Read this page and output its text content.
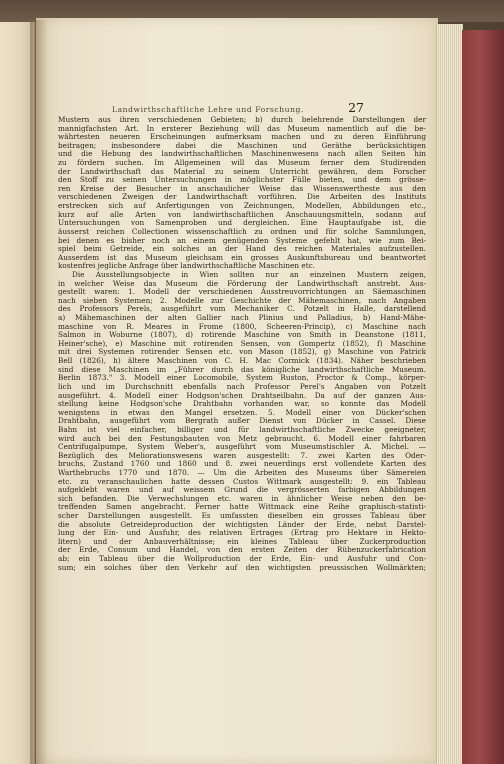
Landwirthschaftliche Lehre und Forschung.	27
Mustern aus ihren verschiedenen Gebieten; b) durch belehrende Darstellungen der
mannigfachsten Art. In ersterer Beziehung will das Museum namentlich auf die be-
währtesten neueren Erscheinungen aufmerksam machen und zu deren Einführung
beitragen; insbesondere dabei die Maschinen und Geräthe berücksichtigen
und die Hebung des landwirthschaftlichen Maschinenwesens nach allen Seiten hin
zu fördern suchen. Im Allgemeinen will das Museum ferner dem Studirenden
der Landwirthschaft das Material zu seinem Unterricht gewähren, dem Forscher
den Stoff zu seinen Untersuchungen in möglichster Fülle bieten, und dem grösse-
ren Kreise der Besucher in anschaulicher Weise das Wissenswertheste aus den
verschiedenen Zweigen der Landwirthschaft vorführen. Die Arbeiten des Instituts
erstrecken sich auf Anfertigungen von Zeichnungen, Modellen, Abbildungen etc.,
kurz auf alle Arten von landwirthschaftlichen Anschauungsmitteln, sodann auf
Untersuchungen von Samenproben und dergleichen. Eine Hauptaufgabe ist, die
äusserst reichen Collectionen wissenschaftlich zu ordnen und für solche Sammlungen,
bei denen es bisher noch an einem genügenden Systeme gefehlt hat, wie zum Bei-
spiel beim Getreide, ein solches an der Hand des reichen Materiales aufzustellen.
Ausserdem ist das Museum gleichsam ein grosses Auskunftsbureau und beantwortet
kostenfrei jegliche Anfrage über landwirthschaftliche Maschinen etc.
Die Ausstellungsobjecte in Wien sollten nur an einzelnen Mustern zeigen,
in welcher Weise das Museum die Förderung der Landwirthschaft anstrebt. Aus-
gestellt waren: 1. Modell der verschiedenen Ausstreuvorrichtungen an Säemaschinen
nach sieben Systemen; 2. Modelle zur Geschichte der Mähemaschinen, nach Angaben
des Professors Perels, ausgeführt vom Mechaniker C. Potzelt in Halle, darstellend
a) Mähemaschinen der alten Gallier nach Plinius und Palladius, b) Hand-Mähe-
maschine von R. Meares in Frome (1800, Scheeren-Princip), c) Maschine nach
Salmon in Woburne (1807), d) rotirende Maschine von Smith in Deanstone (1811,
Heiner'sche), e) Maschine mit rotirenden Sensen, von Gompertz (1852), f) Maschine
mit drei Systemen rotirender Sensen etc. von Mason (1852), g) Maschine von Patrick
Bell (1826), h) ältere Maschinen von C. H. Mac Cormick (1834). Näher beschrieben
sind diese Maschinen im „Führer durch das königliche landwirthschaftliche Museum.
Berlin 1873." 3. Modell einer Locomobile, System Ruston, Proctor & Comp., körper-
lich und im Durchschnitt ebenfalls nach Professor Perel's Angaben von Potzelt
ausgeführt. 4. Modell einer Hodgson'schen Drahtseilbahn. Da auf der ganzen Aus-
stellung keine Hodgson'sche Drahtbahn vorhanden war, so konnte das Modell
wenigstens in etwas den Mangel ersetzen. 5. Modell einer von Dücker'schen
Drahtbahn, ausgeführt vom Bergrath außer Dienst von Dücker in Cassel. Diese
Bahn ist viel einfacher, billiger und für landwirthschaftliche Zwecke geeigneter,
wird auch bei den Festungsbauten von Metz gebraucht. 6. Modell einer fahrbaren
Centrifugalpumpe, System Weber's, ausgeführt vom Museumstischler A. Michel. —
Bezüglich des Meliorationswesens waren ausgestellt: 7. zwei Karten des Oder-
bruchs, Zustand 1760 und 1860 und 8. zwei neuerdings erst vollendete Karten des
Warthebruchs 1770 und 1870. — Um die Arbeiten des Museums über Sämereien
etc. zu veranschaulichen hatte dessen Custos Wittmark ausgestellt: 9. ein Tableau
aufgeklebt waren und auf weissem Grund die vergrösserten farbigen Abbildungen
sich befanden. Die Verwechslungen etc. waren in ähnlicher Weise neben den be-
treffenden Samen angebracht. Ferner hatte Wittmack eine Reihe graphisch-statisti-
scher Darstellungen ausgestellt. Es umfassten dieselben ein grosses Tableau über
die absolute Getreideproduction der wichtigsten Länder der Erde, nebst Darstel-
lung der Ein- und Ausfuhr, des relativen Ertrages (Ertrag pro Hektare in Hekto-
litern) und der Anbauverhältnisse; ein kleines Tableau über Zuckerproduction
der Erde, Consum und Handel, von den ersten Zeiten der Rübenzuckerfabrication
ab; ein Tableau über die Wollproduction der Erde, Ein- und Ausfuhr und Con-
sum; ein solches über den Verkehr auf den wichtigsten preussischen Wollmärkten;
